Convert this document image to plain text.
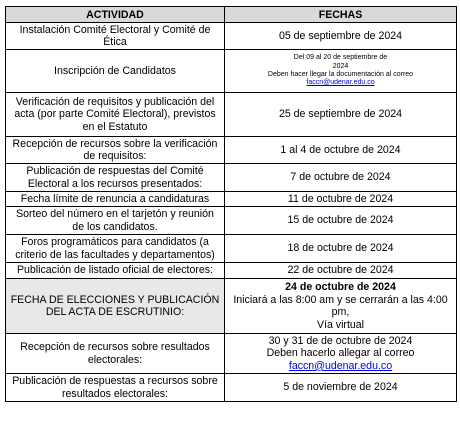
ACTIVIDAD	FECHAS
Instalación Comité Electoral y Comité de Ética	05 de septiembre de 2024
Inscripción de Candidatos	Del 09 al 20 de septiembre de
2024
Deben hacer llegar la documentación al correo
faccn@udenar.edu.co

Verificación de requisitos y publicación del acta (por parte Comité Electoral), previstos en el Estatuto	25 de septiembre de 2024
Recepción de recursos sobre la verificación de requisitos:	1 al 4 de octubre de 2024
Publicación de respuestas del Comité Electoral a los recursos presentados:	7 de octubre de 2024
Fecha límite de renuncia a candidaturas	11 de octubre de 2024
Sorteo del número en el tarjetón y reunión de los candidatos.	15 de octubre de 2024
Foros programáticos para candidatos (a criterio de las facultades y departamentos)	18 de octubre de 2024
Publicación de listado oficial de electores:	22 de octubre de 2024
FECHA DE ELECCIONES Y PUBLICACIÓN DEL ACTA DE ESCRUTINIO:	24 de octubre de 2024
Iniciará a las 8:00 am y se cerrarán a las 4:00 pm,
Vía virtual

Recepción de recursos sobre resultados electorales:	30 y 31 de de octubre de 2024
Deben hacerlo allegar al correo
faccn@udenar.edu.co

Publicación de respuestas a recursos sobre resultados electorales:	5 de noviembre de 2024
